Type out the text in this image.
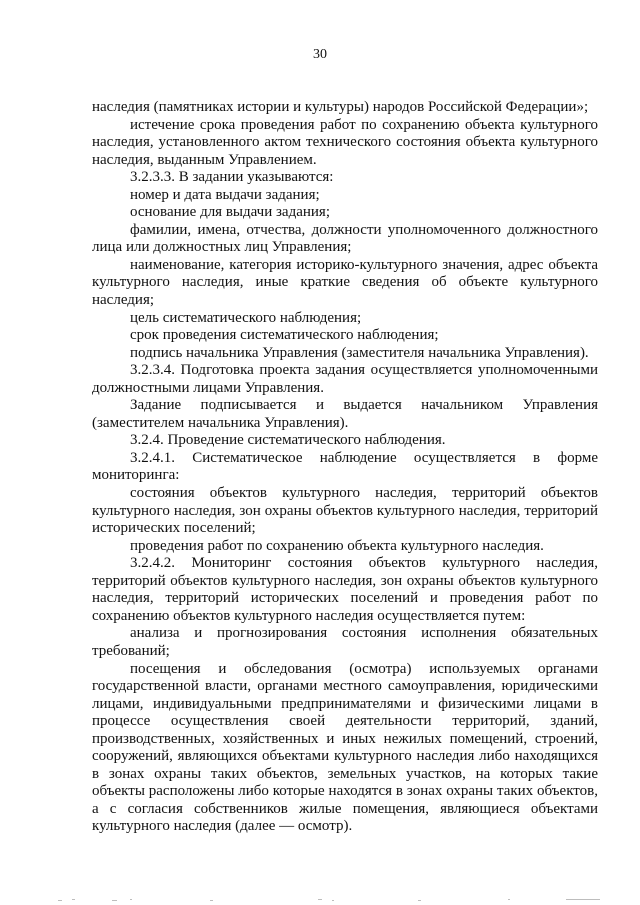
30

наследия (памятниках истории и культуры) народов Российской Федерации»;

истечение срока проведения работ по сохранению объекта культурного наследия, установленного актом технического состояния объекта культурного наследия, выданным Управлением.

3.2.3.3. В задании указываются:

номер и дата выдачи задания;

основание для выдачи задания;

фамилии, имена, отчества, должности уполномоченного должностного лица или должностных лиц Управления;

наименование, категория историко-культурного значения, адрес объекта культурного наследия, иные краткие сведения об объекте культурного наследия;

цель систематического наблюдения;

срок проведения систематического наблюдения;

подпись начальника Управления (заместителя начальника Управления).

3.2.3.4. Подготовка проекта задания осуществляется уполномоченными должностными лицами Управления.

Задание подписывается и выдается начальником Управления (заместителем начальника Управления).

3.2.4. Проведение систематического наблюдения.

3.2.4.1. Систематическое наблюдение осуществляется в форме мониторинга:

состояния объектов культурного наследия, территорий объектов культурного наследия, зон охраны объектов культурного наследия, территорий исторических поселений;

проведения работ по сохранению объекта культурного наследия.

3.2.4.2. Мониторинг состояния объектов культурного наследия, территорий объектов культурного наследия, зон охраны объектов культурного наследия, территорий исторических поселений и проведения работ по сохранению объектов культурного наследия осуществляется путем:

анализа и прогнозирования состояния исполнения обязательных требований;

посещения и обследования (осмотра) используемых органами государственной власти, органами местного самоуправления, юридическими лицами, индивидуальными предпринимателями и физическими лицами в процессе осуществления своей деятельности территорий, зданий, производственных, хозяйственных и иных нежилых помещений, строений, сооружений, являющихся объектами культурного наследия либо находящихся в зонах охраны таких объектов, земельных участков, на которых такие объекты расположены либо которые находятся в зонах охраны таких объектов, а с согласия собственников жилые помещения, являющиеся объектами культурного наследия (далее — осмотр).
